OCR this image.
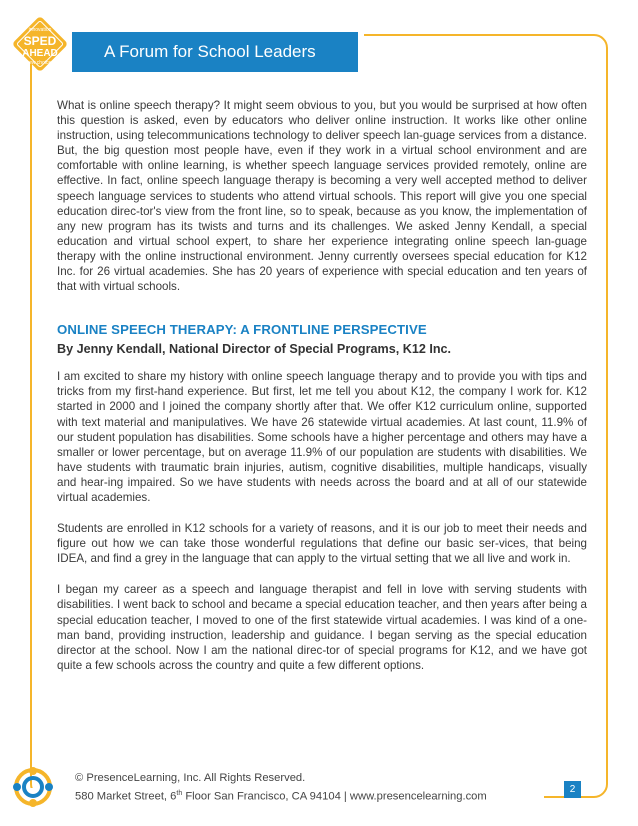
innovation
SPED
AHEAD
new choices
A Forum for School Leaders

What is online speech therapy? It might seem obvious to you, but you would be surprised at how often this question is asked, even by educators who deliver online instruction. It works like other online instruction, using telecommunications technology to deliver speech lan-guage services from a distance. But, the big question most people have, even if they work in a virtual school environment and are comfortable with online learning, is whether speech language services provided remotely, online are effective. In fact, online speech language therapy is becoming a very well accepted method to deliver speech language services to students who attend virtual schools. This report will give you one special education direc-tor's view from the front line, so to speak, because as you know, the implementation of any new program has its twists and turns and its challenges. We asked Jenny Kendall, a special education and virtual school expert, to share her experience integrating online speech lan-guage therapy with the online instructional environment. Jenny currently oversees special education for K12 Inc. for 26 virtual academies. She has 20 years of experience with special education and ten years of that with virtual schools.

ONLINE SPEECH THERAPY: A FRONTLINE PERSPECTIVE
By Jenny Kendall, National Director of Special Programs, K12 Inc.

I am excited to share my history with online speech language therapy and to provide you with tips and tricks from my first-hand experience. But first, let me tell you about K12, the company I work for. K12 started in 2000 and I joined the company shortly after that. We offer K12 curriculum online, supported with text material and manipulatives. We have 26 statewide virtual academies. At last count, 11.9% of our student population has disabilities. Some schools have a higher percentage and others may have a smaller or lower percentage, but on average 11.9% of our population are students with disabilities. We have students with traumatic brain injuries, autism, cognitive disabilities, multiple handicaps, visually and hear-ing impaired. So we have students with needs across the board and at all of our statewide virtual academies.

Students are enrolled in K12 schools for a variety of reasons, and it is our job to meet their needs and figure out how we can take those wonderful regulations that define our basic ser-vices, that being IDEA, and find a grey in the language that can apply to the virtual setting that we all live and work in.

I began my career as a speech and language therapist and fell in love with serving students with disabilities. I went back to school and became a special education teacher, and then years after being a special education teacher, I moved to one of the first statewide virtual academies. I was kind of a one-man band, providing instruction, leadership and guidance. I began serving as the special education director at the school. Now I am the national direc-tor of special programs for K12, and we have got quite a few schools across the country and quite a few different options.

© PresenceLearning, Inc. All Rights Reserved.
580 Market Street, 6th Floor San Francisco, CA 94104 | www.presencelearning.com
2
